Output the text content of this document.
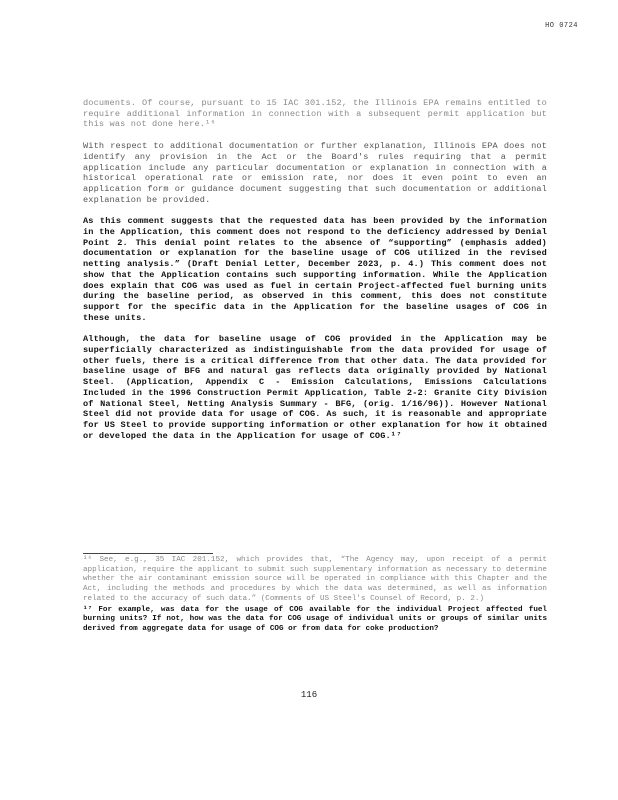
HO 0724

documents. Of course, pursuant to 15 IAC 301.152, the Illinois EPA remains entitled to require additional information in connection with a subsequent permit application but this was not done here.¹⁶

With respect to additional documentation or further explanation, Illinois EPA does not identify any provision in the Act or the Board's rules requiring that a permit application include any particular documentation or explanation in connection with a historical operational rate or emission rate, nor does it even point to even an application form or guidance document suggesting that such documentation or additional explanation be provided.

As this comment suggests that the requested data has been provided by the information in the Application, this comment does not respond to the deficiency addressed by Denial Point 2. This denial point relates to the absence of “supporting” (emphasis added) documentation or explanation for the baseline usage of COG utilized in the revised netting analysis.” (Draft Denial Letter, December 2023, p. 4.) This comment does not show that the Application contains such supporting information. While the Application does explain that COG was used as fuel in certain Project-affected fuel burning units during the baseline period, as observed in this comment, this does not constitute support for the specific data in the Application for the baseline usages of COG in these units.

Although, the data for baseline usage of COG provided in the Application may be superficially characterized as indistinguishable from the data provided for usage of other fuels, there is a critical difference from that other data. The data provided for baseline usage of BFG and natural gas reflects data originally provided by National Steel. (Application, Appendix C - Emission Calculations, Emissions Calculations Included in the 1996 Construction Permit Application, Table 2-2: Granite City Division of National Steel, Netting Analysis Summary - BFG, (orig. 1/16/96)). However National Steel did not provide data for usage of COG. As such, it is reasonable and appropriate for US Steel to provide supporting information or other explanation for how it obtained or developed the data in the Application for usage of COG.¹⁷

¹⁶ See, e.g., 35 IAC 201.152, which provides that, “The Agency may, upon receipt of a permit application, require the applicant to submit such supplementary information as necessary to determine whether the air contaminant emission source will be operated in compliance with this Chapter and the Act, including the methods and procedures by which the data was determined, as well as information related to the accuracy of such data.” (Comments of US Steel's Counsel of Record, p. 2.)

¹⁷ For example, was data for the usage of COG available for the individual Project affected fuel burning units? If not, how was the data for COG usage of individual units or groups of similar units derived from aggregate data for usage of COG or from data for coke production?

116
